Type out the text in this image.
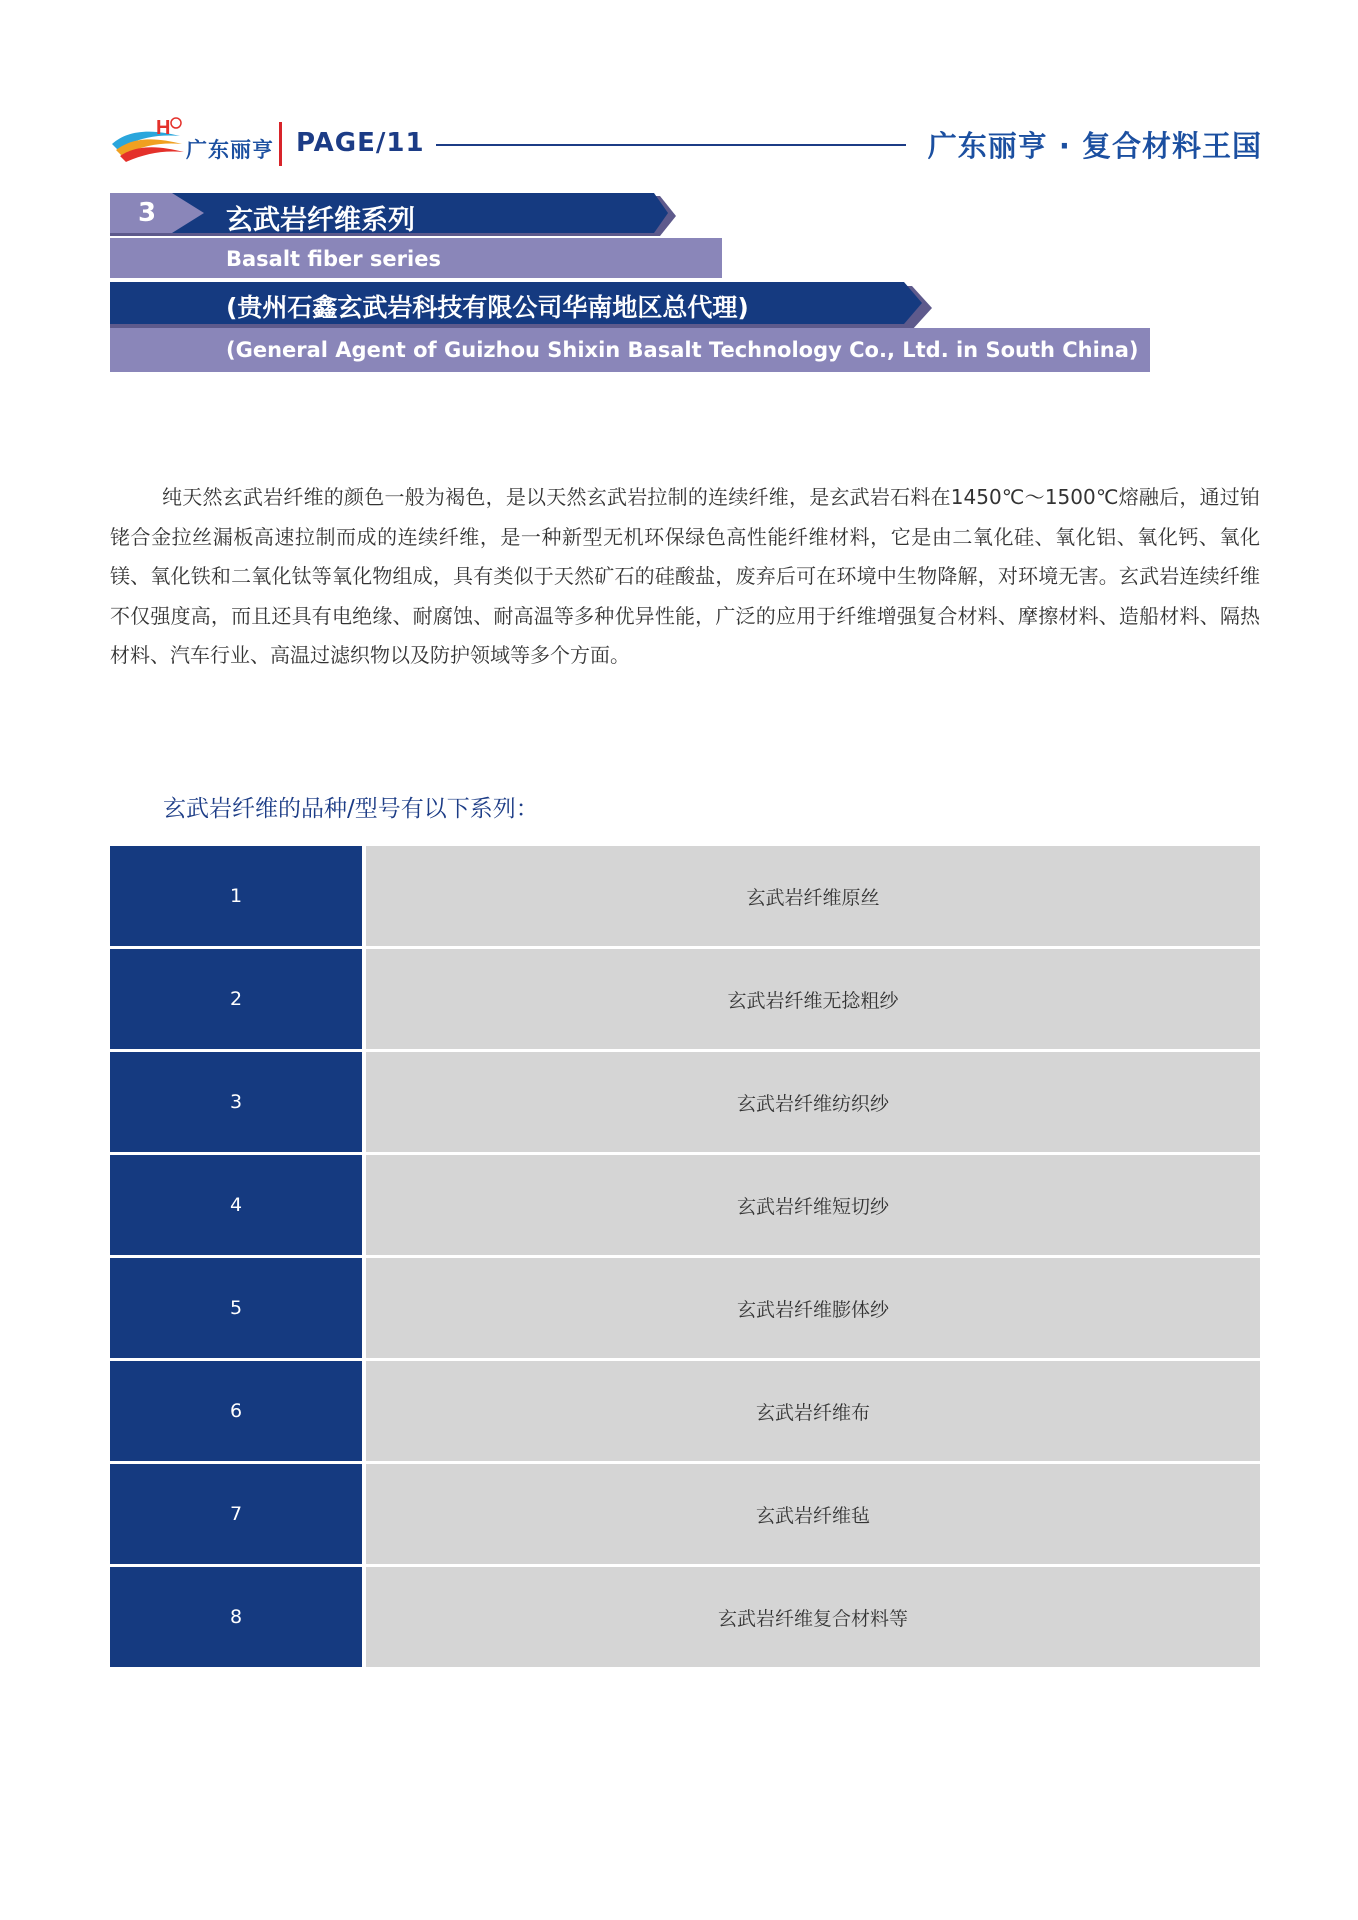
H
广东丽亨 PAGE/11	广东丽亨 · 复合材料王国
3	玄武岩纤维系列
Basalt fiber series
(贵州石鑫玄武岩科技有限公司华南地区总代理)
(General Agent of Guizhou Shixin Basalt Technology Co., Ltd. in South China)
纯天然玄武岩纤维的颜色一般为褐色，是以天然玄武岩拉制的连续纤维，是玄武岩石料在1450℃～1500℃熔融后，通过铂铑合金拉丝漏板高速拉制而成的连续纤维，是一种新型无机环保绿色高性能纤维材料，它是由二氧化硅、氧化铝、氧化钙、氧化镁、氧化铁和二氧化钛等氧化物组成，具有类似于天然矿石的硅酸盐，废弃后可在环境中生物降解，对环境无害。玄武岩连续纤维不仅强度高，而且还具有电绝缘、耐腐蚀、耐高温等多种优异性能，广泛的应用于纤维增强复合材料、摩擦材料、造船材料、隔热材料、汽车行业、高温过滤织物以及防护领域等多个方面。
玄武岩纤维的品种/型号有以下系列：
1	玄武岩纤维原丝
2	玄武岩纤维无捻粗纱
3	玄武岩纤维纺织纱
4	玄武岩纤维短切纱
5	玄武岩纤维膨体纱
6	玄武岩纤维布
7	玄武岩纤维毡
8	玄武岩纤维复合材料等
